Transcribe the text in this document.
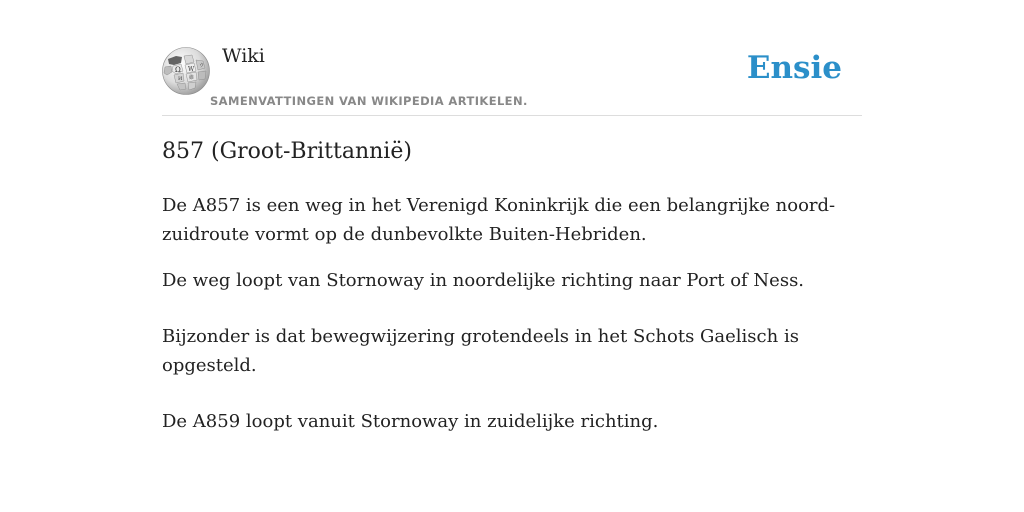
Ω W
И 維
ウ Wiki
SAMENVATTINGEN VAN WIKIPEDIA ARTIKELEN.
Ensie
857 (Groot-Brittannië)

De A857 is een weg in het Verenigd Koninkrijk die een belangrijke noord-zuidroute vormt op de dunbevolkte Buiten-Hebriden.

De weg loopt van Stornoway in noordelijke richting naar Port of Ness.

Bijzonder is dat bewegwijzering grotendeels in het Schots Gaelisch is opgesteld.

De A859 loopt vanuit Stornoway in zuidelijke richting.
